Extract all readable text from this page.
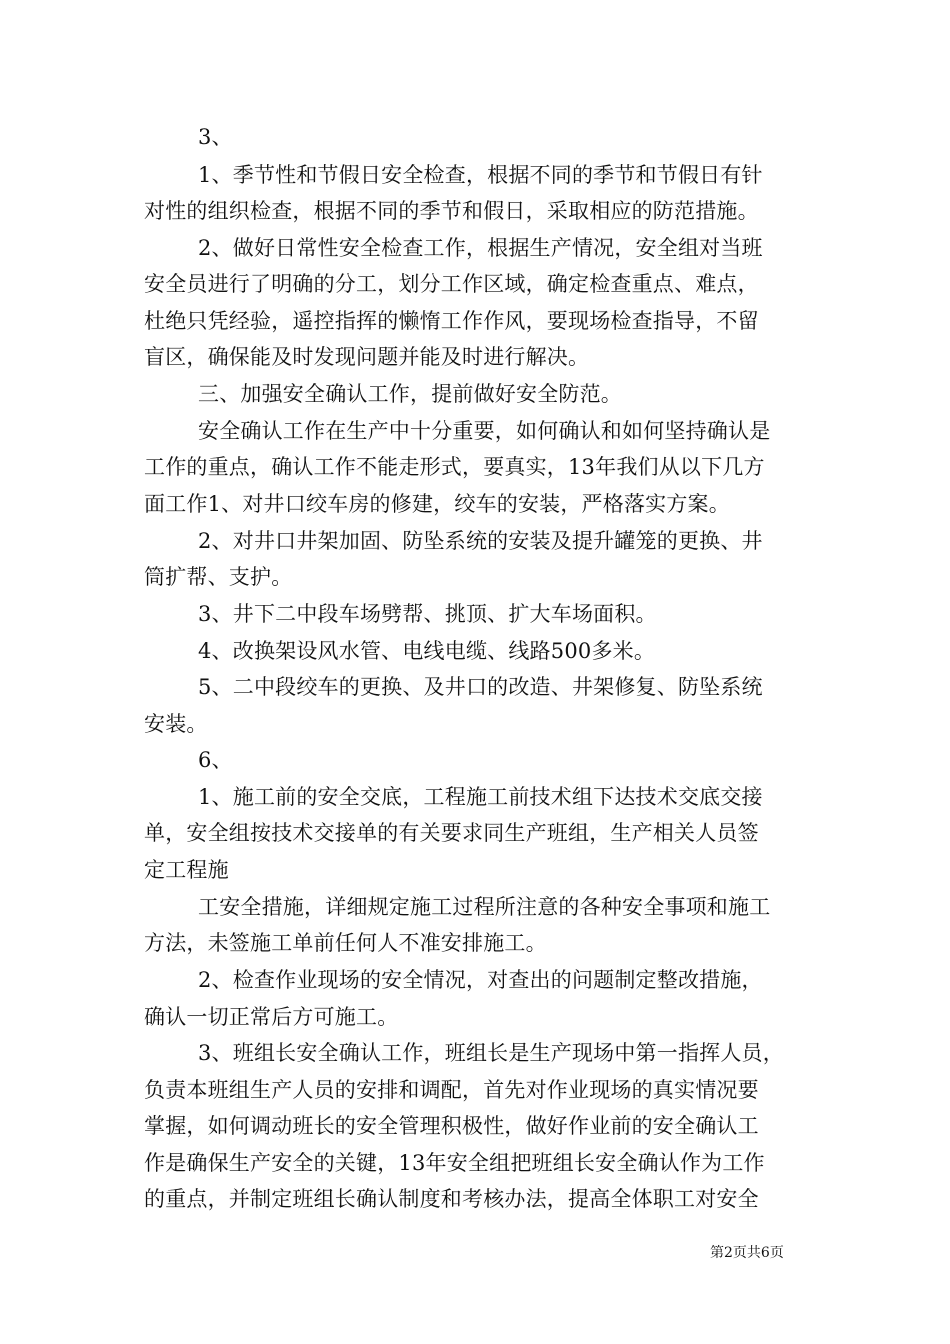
3、
1、季节性和节假日安全检查，根据不同的季节和节假日有针
对性的组织检查，根据不同的季节和假日，采取相应的防范措施。
2、做好日常性安全检查工作，根据生产情况，安全组对当班
安全员进行了明确的分工，划分工作区域，确定检查重点、难点，
杜绝只凭经验，遥控指挥的懒惰工作作风，要现场检查指导，不留
盲区，确保能及时发现问题并能及时进行解决。
三、加强安全确认工作，提前做好安全防范。
安全确认工作在生产中十分重要，如何确认和如何坚持确认是
工作的重点，确认工作不能走形式，要真实，13年我们从以下几方
面工作1、对井口绞车房的修建，绞车的安装，严格落实方案。
2、对井口井架加固、防坠系统的安装及提升罐笼的更换、井
筒扩帮、支护。
3、井下二中段车场劈帮、挑顶、扩大车场面积。
4、改换架设风水管、电线电缆、线路500多米。
5、二中段绞车的更换、及井口的改造、井架修复、防坠系统
安装。
6、
1、施工前的安全交底，工程施工前技术组下达技术交底交接
单，安全组按技术交接单的有关要求同生产班组，生产相关人员签
定工程施
工安全措施，详细规定施工过程所注意的各种安全事项和施工
方法，未签施工单前任何人不准安排施工。
2、检查作业现场的安全情况，对查出的问题制定整改措施，
确认一切正常后方可施工。
3、班组长安全确认工作，班组长是生产现场中第一指挥人员，
负责本班组生产人员的安排和调配，首先对作业现场的真实情况要
掌握，如何调动班长的安全管理积极性，做好作业前的安全确认工
作是确保生产安全的关键，13年安全组把班组长安全确认作为工作
的重点，并制定班组长确认制度和考核办法，提高全体职工对安全
第2页共6页
